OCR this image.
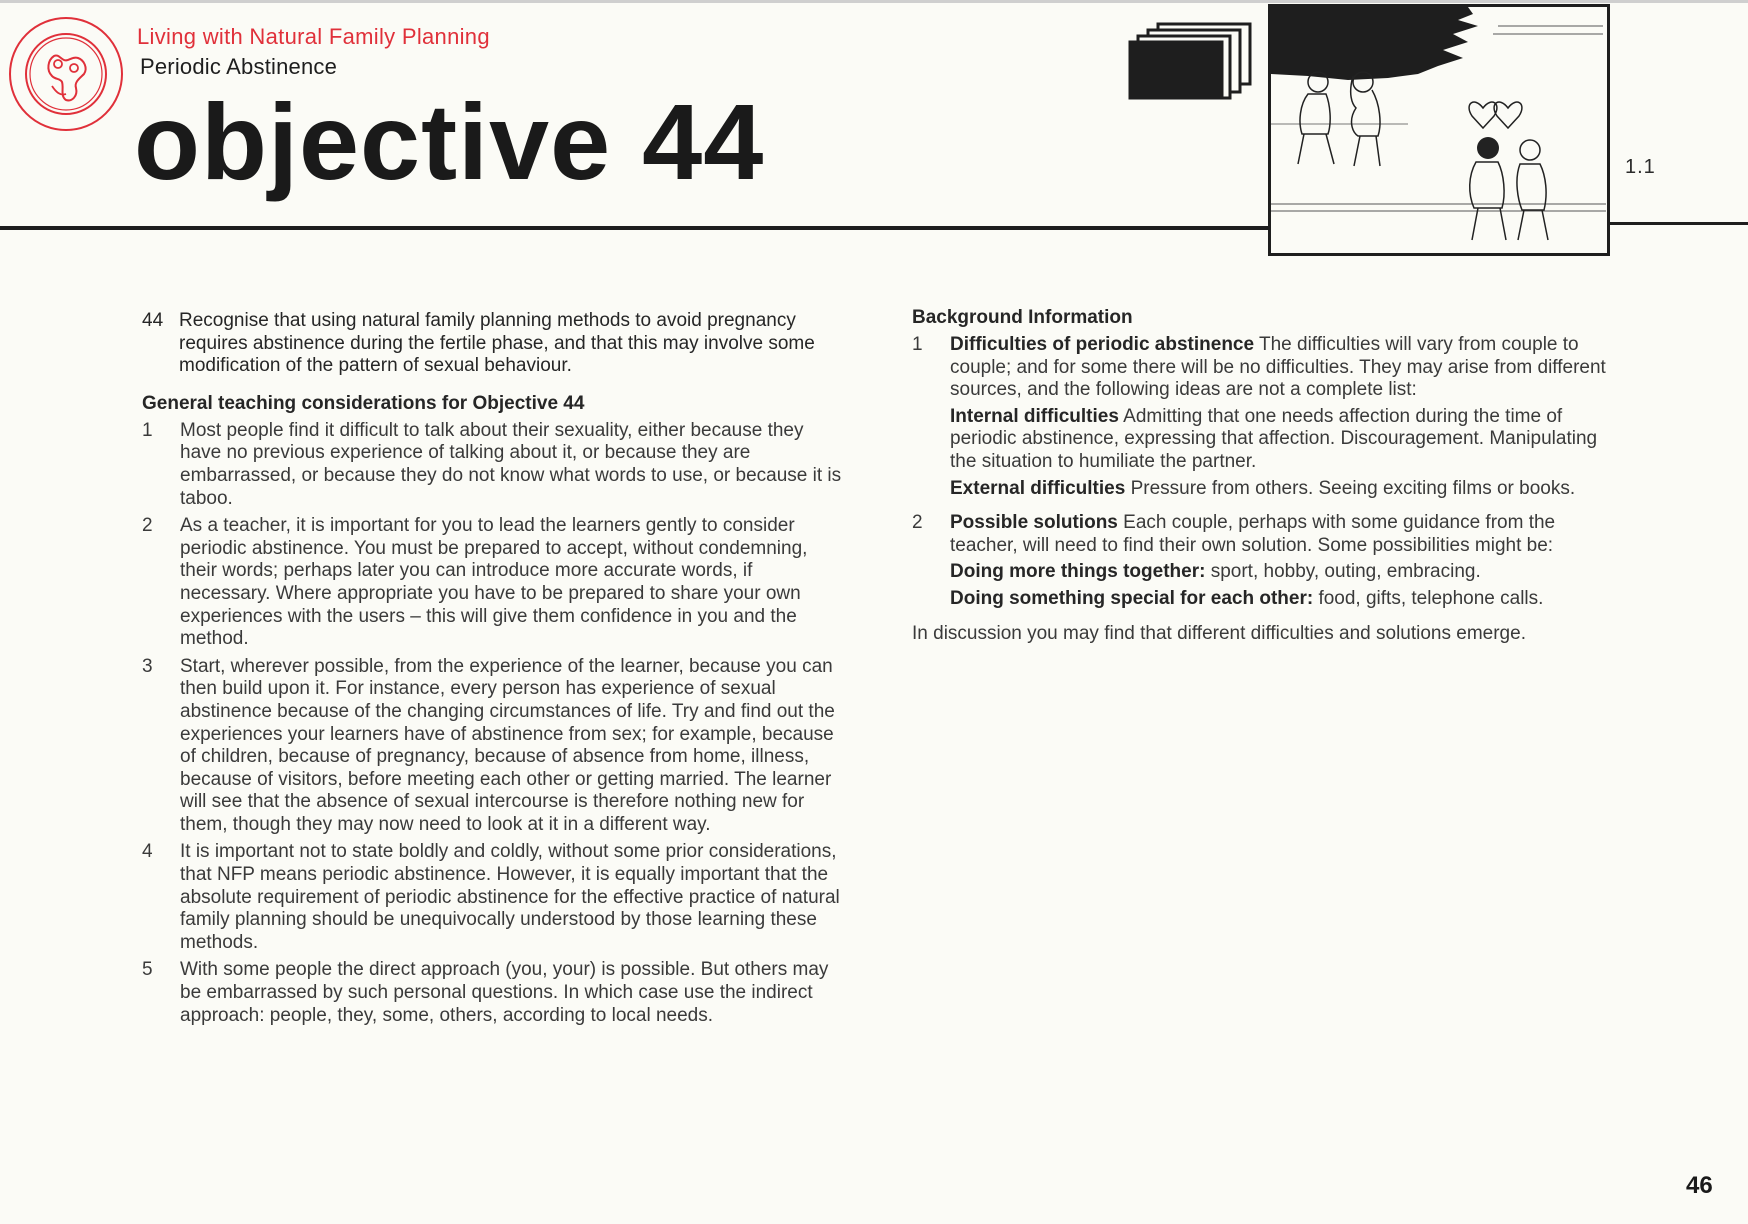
Living with Natural Family Planning
Periodic Abstinence
objective 44	1.1
44 Recognise that using natural family planning methods to avoid pregnancy requires abstinence during the fertile phase, and that this may involve some modification of the pattern of sexual behaviour.
General teaching considerations for Objective 44
1	Most people find it difficult to talk about their sexuality, either because they have no previous experience of talking about it, or because they are embarrassed, or because they do not know what words to use, or because it is taboo.
2	As a teacher, it is important for you to lead the learners gently to consider periodic abstinence. You must be prepared to accept, without condemning, their words; perhaps later you can introduce more accurate words, if necessary. Where appropriate you have to be prepared to share your own experiences with the users – this will give them confidence in you and the method.
3	Start, wherever possible, from the experience of the learner, because you can then build upon it. For instance, every person has experience of sexual abstinence because of the changing circumstances of life. Try and find out the experiences your learners have of abstinence from sex; for example, because of children, because of pregnancy, because of absence from home, illness, because of visitors, before meeting each other or getting married. The learner will see that the absence of sexual intercourse is therefore nothing new for them, though they may now need to look at it in a different way.
4	It is important not to state boldly and coldly, without some prior considerations, that NFP means periodic abstinence. However, it is equally important that the absolute requirement of periodic abstinence for the effective practice of natural family planning should be unequivocally understood by those learning these methods.
5	With some people the direct approach (you, your) is possible. But others may be embarrassed by such personal questions. In which case use the indirect approach: people, they, some, others, according to local needs.
Background Information
1	Difficulties of periodic abstinence The difficulties will vary from couple to couple; and for some there will be no difficulties. They may arise from different sources, and the following ideas are not a complete list:
Internal difficulties Admitting that one needs affection during the time of periodic abstinence, expressing that affection. Discouragement. Manipulating the situation to humiliate the partner.
External difficulties Pressure from others. Seeing exciting films or books.
2	Possible solutions Each couple, perhaps with some guidance from the teacher, will need to find their own solution. Some possibilities might be:
Doing more things together: sport, hobby, outing, embracing.
Doing something special for each other: food, gifts, telephone calls.
In discussion you may find that different difficulties and solutions emerge.
46
